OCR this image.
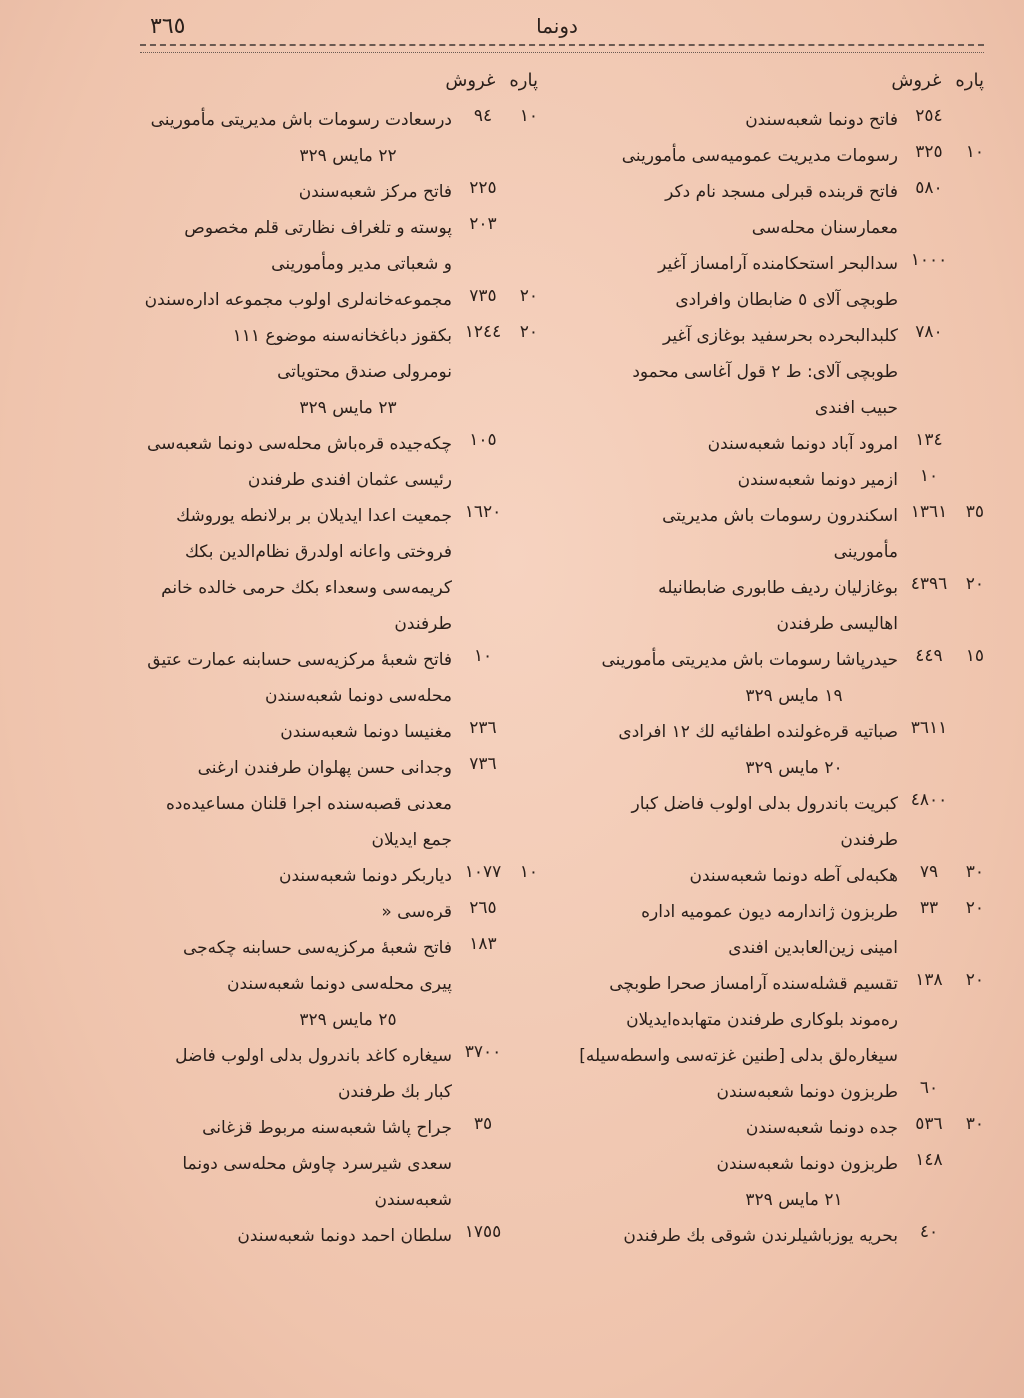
٣٦٥	دونما
پاره
غروش
٢٥٤
فاتح دونما شعبه‌سندن
١٠
٣٢٥
رسومات مديريت عموميه‌سی مأمورينی
٥٨٠
فاتح قربنده قبرلی مسجد نام دكر
معمارسنان محله‌سی
١٠٠٠
سدالبحر استحكامنده آرامساز آغير
طوبچی آلای ٥ ضابطان وافرادی
٧٨٠
كلبدالبحرده بحرسفيد بوغازی آغير
طوبچی آلای: ط ٢ قول آغاسی محمود
حبيب افندی
١٣٤
امرود آباد دونما شعبه‌سندن
١٠
ازمير دونما شعبه‌سندن
٣٥
١٣٦١
اسكندرون رسومات باش مديريتی
مأمورينی
٢٠
٤٣٩٦
بوغازليان رديف طابوری ضابطانيله
اهاليسی طرفندن
١٥
٤٤٩
حيدرپاشا رسومات باش مديريتی مأمورينی
١٩ مايس ٣٢٩
٣٦١١
صباتيه قره‌غولنده اطفائيه لك ١٢ افرادی
٢٠ مايس ٣٢٩
٤٨٠٠
كبريت باندرول بدلی اولوب فاضل كبار
طرفندن
٣٠
٧٩
هكبه‌لی آطه دونما شعبه‌سندن
٢٠
٣٣
طربزون ژاندارمه ديون عموميه اداره
امينی زين‌العابدين افندی
٢٠
١٣٨
تقسيم قشله‌سنده آرامساز صحرا طوبچی
ره‌موند بلوكاری طرفندن متهابده‌ايديلان
سيغاره‌لق بدلی [طنين غزته‌سی واسطه‌سيله]
٦٠
طربزون دونما شعبه‌سندن
٣٠
٥٣٦
جده دونما شعبه‌سندن
١٤٨
طربزون دونما شعبه‌سندن
٢١ مايس ٣٢٩
٤٠
بحريه يوزباشيلرندن شوقی بك طرفندن
پاره
غروش
١٠
٩٤
درسعادت رسومات باش مديريتی مأمورينی
٢٢ مايس ٣٢٩
٢٢٥
فاتح مركز شعبه‌سندن
٢٠٣
پوسته و تلغراف نظارتی قلم مخصوص
و شعباتی مدير ومأمورينی
٢٠
٧٣٥
مجموعه‌خانه‌لری اولوب مجموعه اداره‌سندن
٢٠
١٢٤٤
بكقوز دباغخانه‌سنه موضوع ١١١
نومرولی صندق محتوياتی
٢٣ مايس ٣٢٩
١٠٥
چكه‌جيده قره‌باش محله‌سی دونما شعبه‌سی
رئيسی عثمان افندی طرفندن
١٦٢٠
جمعيت اعدا ايديلان بر برلانطه يوروشك
فروختی واعانه اولدرق نظام‌الدين بكك
كريمه‌سی وسعداء بكك حرمی خالده خانم
طرفندن
١٠
فاتح شعبهٔ مركزيه‌سی حسابنه عمارت عتيق
محله‌سی دونما شعبه‌سندن
٢٣٦
مغنيسا دونما شعبه‌سندن
٧٣٦
وجدانی حسن پهلوان طرفندن ارغنی
معدنی قصبه‌سنده اجرا قلنان مساعيده‌ده
جمع ايديلان
١٠
١٠٧٧
دياربكر دونما شعبه‌سندن
٢٦٥
قره‌سی «
١٨٣
فاتح شعبهٔ مركزيه‌سی حسابنه چكه‌جی
پيری محله‌سی دونما شعبه‌سندن
٢٥ مايس ٣٢٩
٣٧٠٠
سيغاره كاغد باندرول بدلی اولوب فاضل
كبار بك طرفندن
٣٥
جراح پاشا شعبه‌سنه مربوط قزغانی
سعدی شيرسرد چاوش محله‌سی دونما
شعبه‌سندن
١٧٥٥
سلطان احمد دونما شعبه‌سندن
